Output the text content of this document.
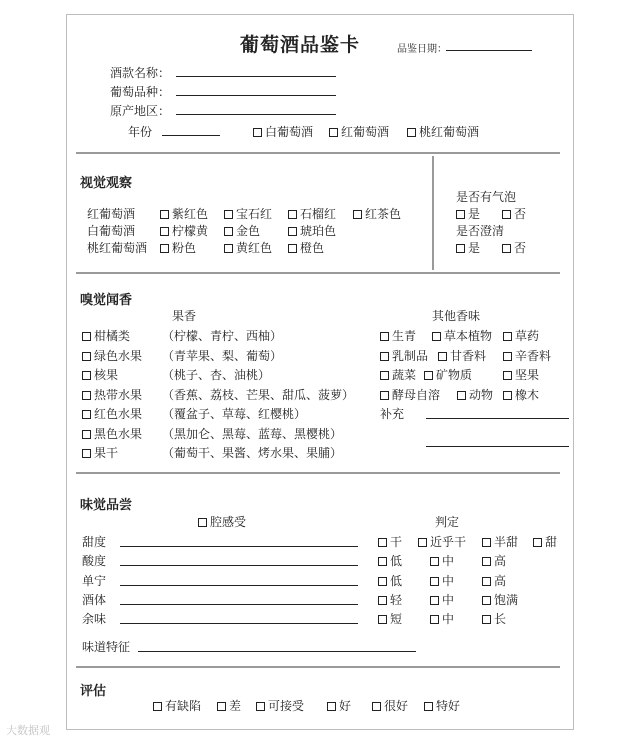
葡萄酒品鉴卡	品鉴日期：
酒款名称：
葡萄品种：
原产地区：
年份	白葡萄酒	红葡萄酒	桃红葡萄酒
视觉观察
红葡萄酒	紫红色	宝石红	石榴红	红茶色
白葡萄酒	柠檬黄	金色	琥珀色
桃红葡萄酒	粉色	黄红色	橙色
是否有气泡
是	否
是否澄清
是	否
嗅觉闻香
果香	其他香味
柑橘类	（柠檬、青柠、西柚）
绿色水果 （青苹果、梨、葡萄）
核果	（桃子、杏、油桃）
热带水果 （香蕉、荔枝、芒果、甜瓜、菠萝）
红色水果 （覆盆子、草莓、红樱桃）
黑色水果 （黑加仑、黑莓、蓝莓、黑樱桃）
果干	（葡萄干、果酱、烤水果、果脯）
生青	草本植物	草药
乳制品	甘香料	辛香料
蔬菜	矿物质	坚果
酵母自溶	动物	橡木
补充
味觉品尝
腔感受	判定
甜度	干	近乎干	半甜	甜
酸度	低	中	高
单宁	低	中	高
酒体	轻	中	饱满
余味	短	中	长
味道特征
评估
有缺陷	差	可接受	好	很好	特好
大数据观
